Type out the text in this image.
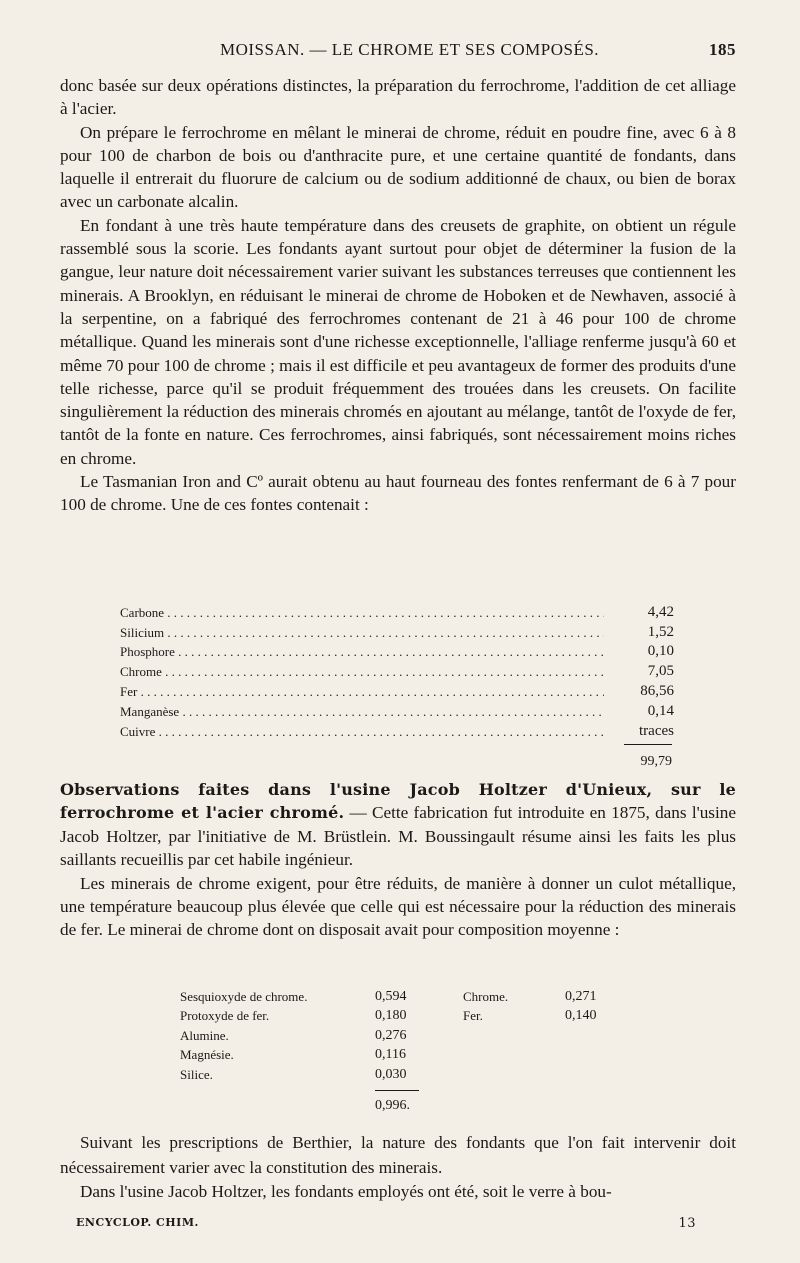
MOISSAN. — LE CHROME ET SES COMPOSÉS.	185

donc basée sur deux opérations distinctes, la préparation du ferrochrome, l'addition de cet alliage à l'acier.

On prépare le ferrochrome en mêlant le minerai de chrome, réduit en poudre fine, avec 6 à 8 pour 100 de charbon de bois ou d'anthracite pure, et une certaine quantité de fondants, dans laquelle il entrerait du fluorure de calcium ou de sodium additionné de chaux, ou bien de borax avec un carbonate alcalin.

En fondant à une très haute température dans des creusets de graphite, on obtient un régule rassemblé sous la scorie. Les fondants ayant surtout pour objet de déterminer la fusion de la gangue, leur nature doit nécessairement varier suivant les substances terreuses que contiennent les minerais. A Brooklyn, en réduisant le minerai de chrome de Hoboken et de Newhaven, associé à la serpentine, on a fabriqué des ferrochromes contenant de 21 à 46 pour 100 de chrome métallique. Quand les minerais sont d'une richesse exceptionnelle, l'alliage renferme jusqu'à 60 et même 70 pour 100 de chrome ; mais il est difficile et peu avantageux de former des produits d'une telle richesse, parce qu'il se produit fréquemment des trouées dans les creusets. On facilite singulièrement la réduction des minerais chromés en ajoutant au mélange, tantôt de l'oxyde de fer, tantôt de la fonte en nature. Ces ferrochromes, ainsi fabriqués, sont nécessairement moins riches en chrome.

Le Tasmanian Iron and Cº aurait obtenu au haut fourneau des fontes renfermant de 6 à 7 pour 100 de chrome. Une de ces fontes contenait :

Carbone . . .	4,42
Silicium . . .	1,52
Phosphore . . .	0,10
Chrome . . .	7,05
Fer . . .	86,56
Manganèse . . .	0,14
Cuivre . . .	traces
99,79

Observations faites dans l'usine Jacob Holtzer d'Unieux, sur le ferrochrome et l'acier chromé. — Cette fabrication fut introduite en 1875, dans l'usine Jacob Holtzer, par l'initiative de M. Brüstlein. M. Boussingault résume ainsi les faits les plus saillants recueillis par cet habile ingénieur.

Les minerais de chrome exigent, pour être réduits, de manière à donner un culot métallique, une température beaucoup plus élevée que celle qui est nécessaire pour la réduction des minerais de fer. Le minerai de chrome dont on disposait avait pour composition moyenne :

Sesquioxyde de chrome.	0,594	Chrome.	0,271
Protoxyde de fer.	0,180	Fer.	0,140
Alumine.	0,276
Magnésie.	0,116
Silice.	0,030
0,996.

Suivant les prescriptions de Berthier, la nature des fondants que l'on fait intervenir doit nécessairement varier avec la constitution des minerais.

Dans l'usine Jacob Holtzer, les fondants employés ont été, soit le verre à bou-

ENCYCLOP. CHIM.	13
